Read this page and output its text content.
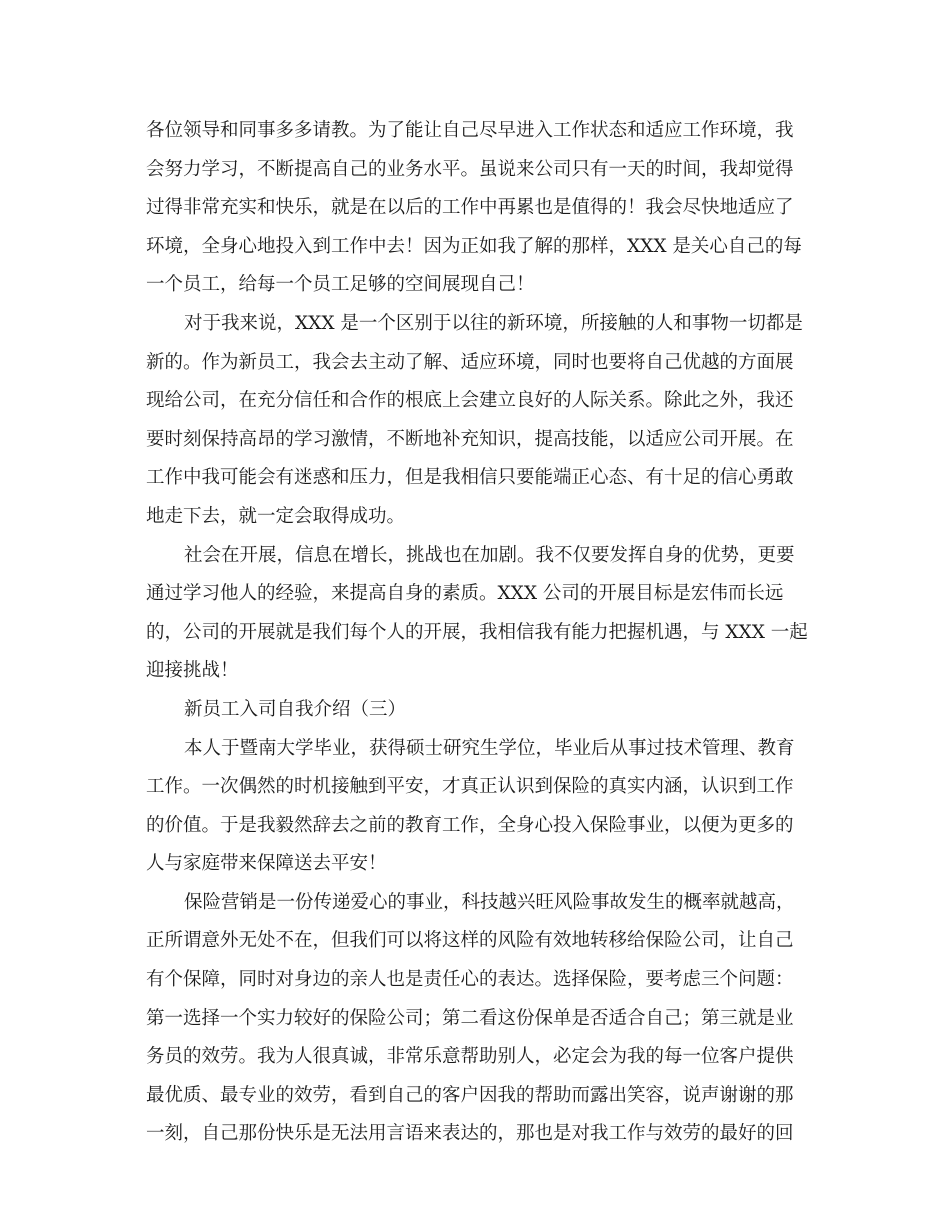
各位领导和同事多多请教。为了能让自己尽早进入工作状态和适应工作环境，我
会努力学习，不断提高自己的业务水平。虽说来公司只有一天的时间，我却觉得
过得非常充实和快乐，就是在以后的工作中再累也是值得的！我会尽快地适应了
环境，全身心地投入到工作中去！因为正如我了解的那样，XXX 是关心自己的每
一个员工，给每一个员工足够的空间展现自己！
对于我来说，XXX 是一个区别于以往的新环境，所接触的人和事物一切都是
新的。作为新员工，我会去主动了解、适应环境，同时也要将自己优越的方面展
现给公司，在充分信任和合作的根底上会建立良好的人际关系。除此之外，我还
要时刻保持高昂的学习激情，不断地补充知识，提高技能，以适应公司开展。在
工作中我可能会有迷惑和压力，但是我相信只要能端正心态、有十足的信心勇敢
地走下去，就一定会取得成功。
社会在开展，信息在增长，挑战也在加剧。我不仅要发挥自身的优势，更要
通过学习他人的经验，来提高自身的素质。XXX 公司的开展目标是宏伟而长远
的，公司的开展就是我们每个人的开展，我相信我有能力把握机遇，与 XXX 一起
迎接挑战！
新员工入司自我介绍（三）
本人于暨南大学毕业，获得硕士研究生学位，毕业后从事过技术管理、教育
工作。一次偶然的时机接触到平安，才真正认识到保险的真实内涵，认识到工作
的价值。于是我毅然辞去之前的教育工作，全身心投入保险事业，以便为更多的
人与家庭带来保障送去平安！
保险营销是一份传递爱心的事业，科技越兴旺风险事故发生的概率就越高，
正所谓意外无处不在，但我们可以将这样的风险有效地转移给保险公司，让自己
有个保障，同时对身边的亲人也是责任心的表达。选择保险，要考虑三个问题：
第一选择一个实力较好的保险公司；第二看这份保单是否适合自己；第三就是业
务员的效劳。我为人很真诚，非常乐意帮助别人，必定会为我的每一位客户提供
最优质、最专业的效劳，看到自己的客户因我的帮助而露出笑容，说声谢谢的那
一刻，自己那份快乐是无法用言语来表达的，那也是对我工作与效劳的最好的回
